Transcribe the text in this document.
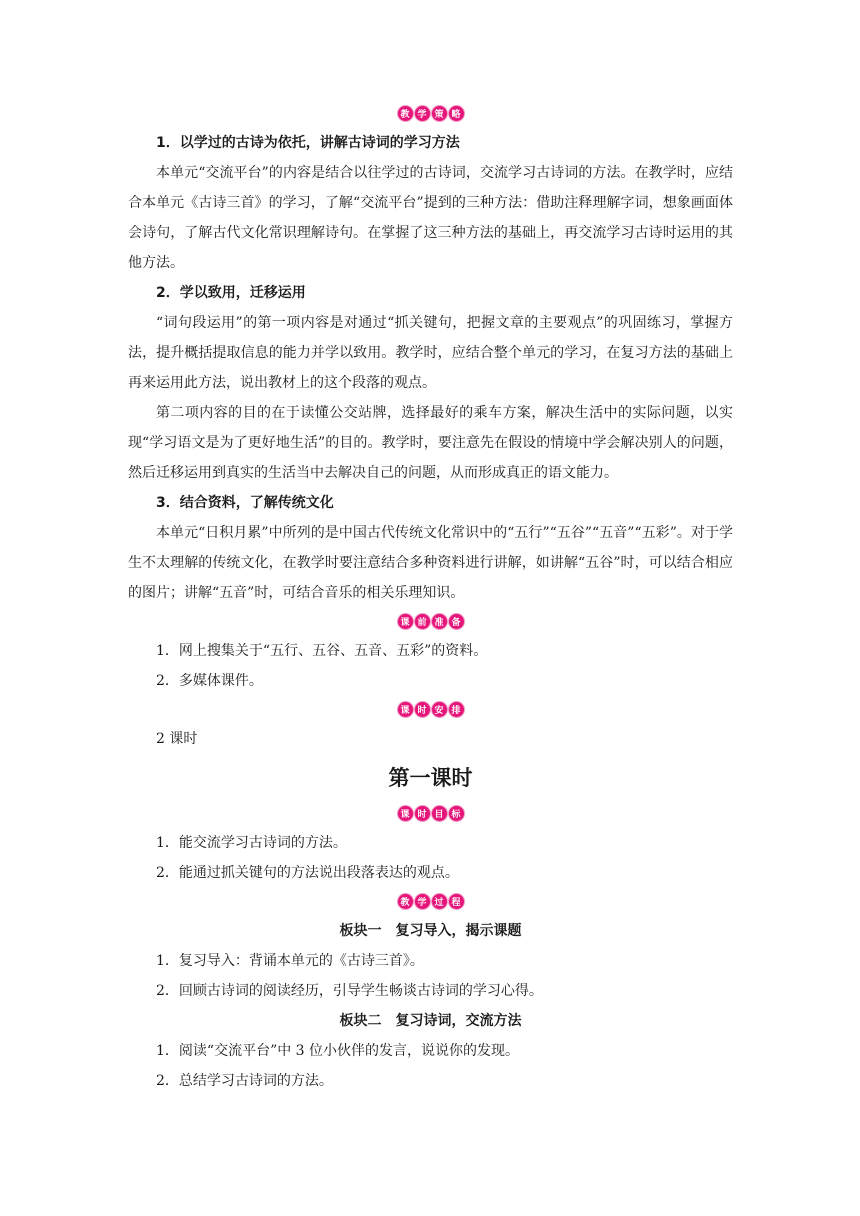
教 学 策 略
1．以学过的古诗为依托，讲解古诗词的学习方法
本单元“交流平台”的内容是结合以往学过的古诗词，交流学习古诗词的方法。在教学时，应结合本单元《古诗三首》的学习，了解“交流平台”提到的三种方法：借助注释理解字词，想象画面体会诗句，了解古代文化常识理解诗句。在掌握了这三种方法的基础上，再交流学习古诗时运用的其他方法。
2．学以致用，迁移运用
“词句段运用”的第一项内容是对通过“抓关键句，把握文章的主要观点”的巩固练习，掌握方法，提升概括提取信息的能力并学以致用。教学时，应结合整个单元的学习，在复习方法的基础上再来运用此方法，说出教材上的这个段落的观点。
第二项内容的目的在于读懂公交站牌，选择最好的乘车方案，解决生活中的实际问题，以实现“学习语文是为了更好地生活”的目的。教学时，要注意先在假设的情境中学会解决别人的问题，然后迁移运用到真实的生活当中去解决自己的问题，从而形成真正的语文能力。
3．结合资料，了解传统文化
本单元“日积月累”中所列的是中国古代传统文化常识中的“五行”“五谷”“五音”“五彩”。对于学生不太理解的传统文化，在教学时要注意结合多种资料进行讲解，如讲解“五谷”时，可以结合相应的图片；讲解“五音”时，可结合音乐的相关乐理知识。
课 前 准 备
1．网上搜集关于“五行、五谷、五音、五彩”的资料。
2．多媒体课件。
课 时 安 排
2 课时
第一课时
课 时 目 标
1．能交流学习古诗词的方法。
2．能通过抓关键句的方法说出段落表达的观点。
教 学 过 程
板块一 复习导入，揭示课题
1．复习导入：背诵本单元的《古诗三首》。
2．回顾古诗词的阅读经历，引导学生畅谈古诗词的学习心得。
板块二 复习诗词，交流方法
1．阅读“交流平台”中 3 位小伙伴的发言，说说你的发现。
2．总结学习古诗词的方法。
